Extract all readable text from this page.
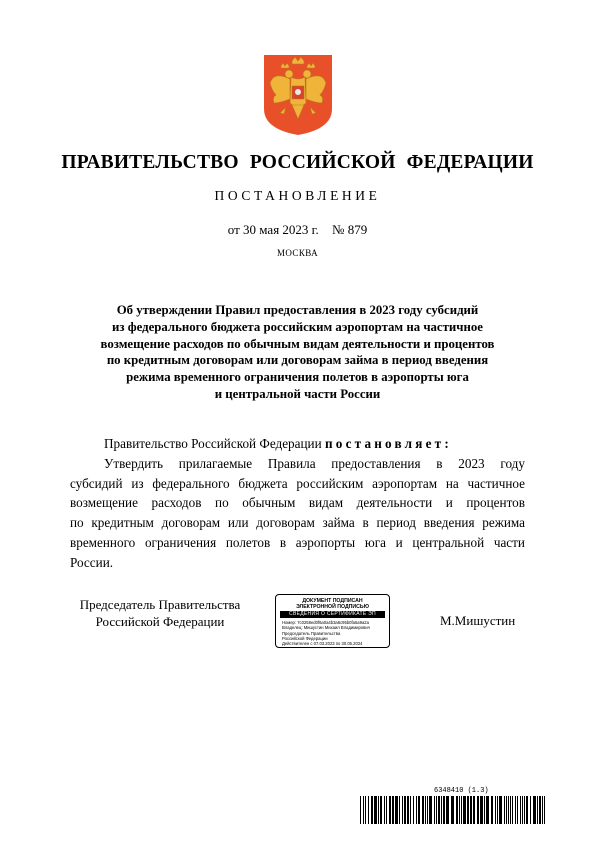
ПРАВИТЕЛЬСТВО РОССИЙСКОЙ ФЕДЕРАЦИИ
ПОСТАНОВЛЕНИЕ
от 30 мая 2023 г. № 879
МОСКВА
Об утверждении Правил предоставления в 2023 году субсидий
из федерального бюджета российским аэропортам на частичное
возмещение расходов по обычным видам деятельности и процентов
по кредитным договорам или договорам займа в период введения
режима временного ограничения полетов в аэропорты юга
и центральной части России
Правительство Российской Федерации постановляет:
Утвердить прилагаемые Правила предоставления в 2023 году
субсидий из федерального бюджета российским аэропортам на частичное
возмещение расходов по обычным видам деятельности и процентов
по кредитным договорам или договорам займа в период введения режима
временного ограничения полетов в аэропорты юга и центральной части
России.
Председатель Правительства
Российской Федерации
ДОКУМЕНТ ПОДПИСАН
ЭЛЕКТРОННОЙ ПОДПИСЬЮ
СВЕДЕНИЯ О СЕРТИФИКАТЕ ЭП
Номер: 7c0258ed0f6a0a4b3a6c95b0fa5a9a2a
Владелец: Мишустин Михаил Владимирович
Председатель Правительства
Российской Федерации
Действителен с 07.03.2023 по 30.05.2024
М.Мишустин
6348410 (1.3)
